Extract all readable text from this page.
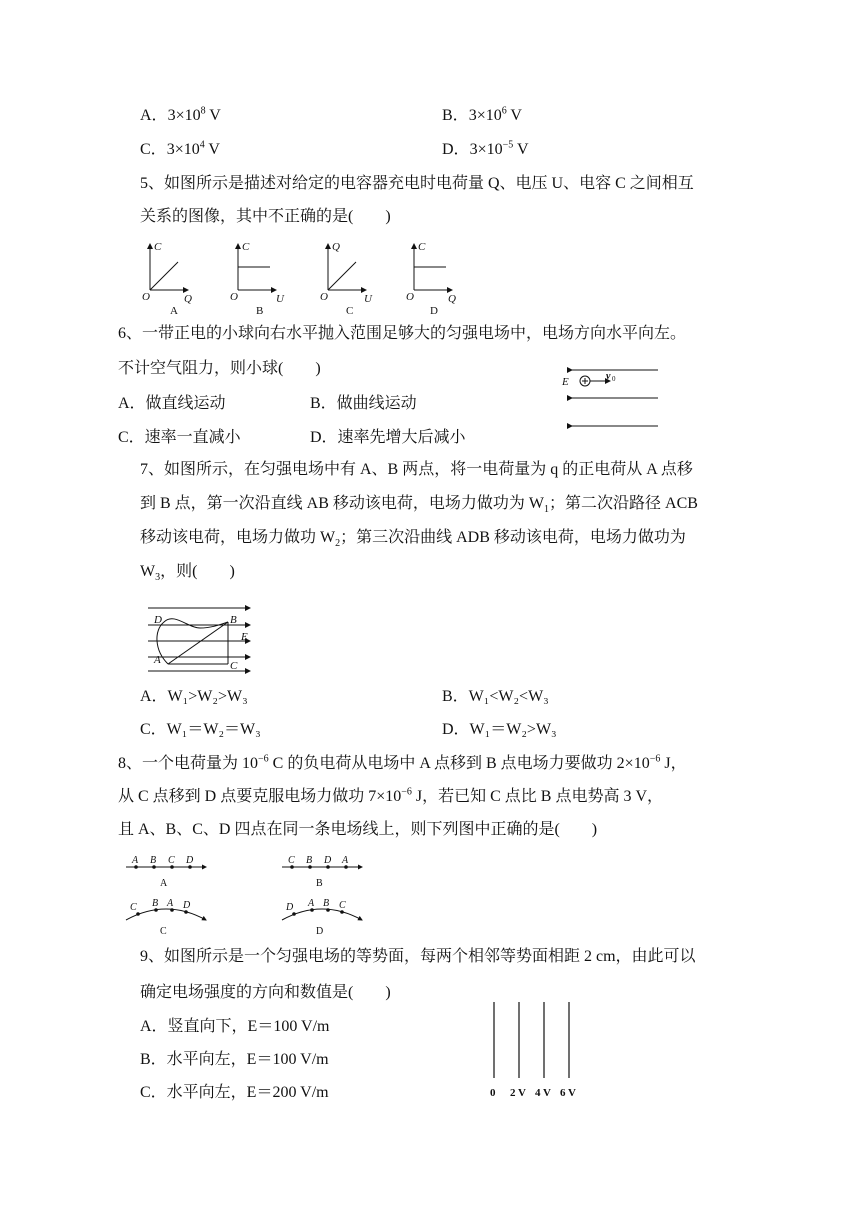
A．$3\times 10^8$ V	B．$3\times 10^6$ V
C．$3\times 10^4$ V	D．$3\times 10^{-5}$ V
5、如图所示是描述对给定的电容器充电时电荷量 Q、电压 U、电容 C 之间相互
关系的图像，其中不正确的是(　　)
C
O	Q
A
C
O	U
B
Q
O	U
C
C
O	Q
D
6、一带正电的小球向右水平抛入范围足够大的匀强电场中，电场方向水平向左。
不计空气阻力，则小球(　　)
A．做直线运动	B．做曲线运动
C．速率一直减小	D．速率先增大后减小
E	v 0
7、如图所示，在匀强电场中有 A、B 两点，将一电荷量为 q 的正电荷从 A 点移
到 B 点，第一次沿直线 AB 移动该电荷，电场力做功为 $W_1$；第二次沿路径 ACB
移动该电荷，电场力做功 $W_2$；第三次沿曲线 ADB 移动该电荷，电场力做功为
$W_3$，则(　　)
D	B
E
A	C
A．W₁>W₂>W₃	B．W₁<W₂<W₃
C．W₁＝W₂＝W₃	D．W₁＝W₂>W₃
8、一个电荷量为 $10^{-6}$ C 的负电荷从电场中 A 点移到 B 点电场力要做功 $2\times 10^{-6}$ J，
从 C 点移到 D 点要克服电场力做功 $7\times 10^{-6}$ J，若已知 C 点比 B 点电势高 3 V，
且 A、B、C、D 四点在同一条电场线上，则下列图中正确的是(　　)
A B C D
A
C B D A
B
C B A D
C
D A B C
D
9、如图所示是一个匀强电场的等势面，每两个相邻等势面相距 2 cm，由此可以
确定电场强度的方向和数值是(　　)
A．竖直向下，E＝100 V/m
B．水平向左，E＝100 V/m
C．水平向左，E＝200 V/m	0 2 V 4 V 6 V
